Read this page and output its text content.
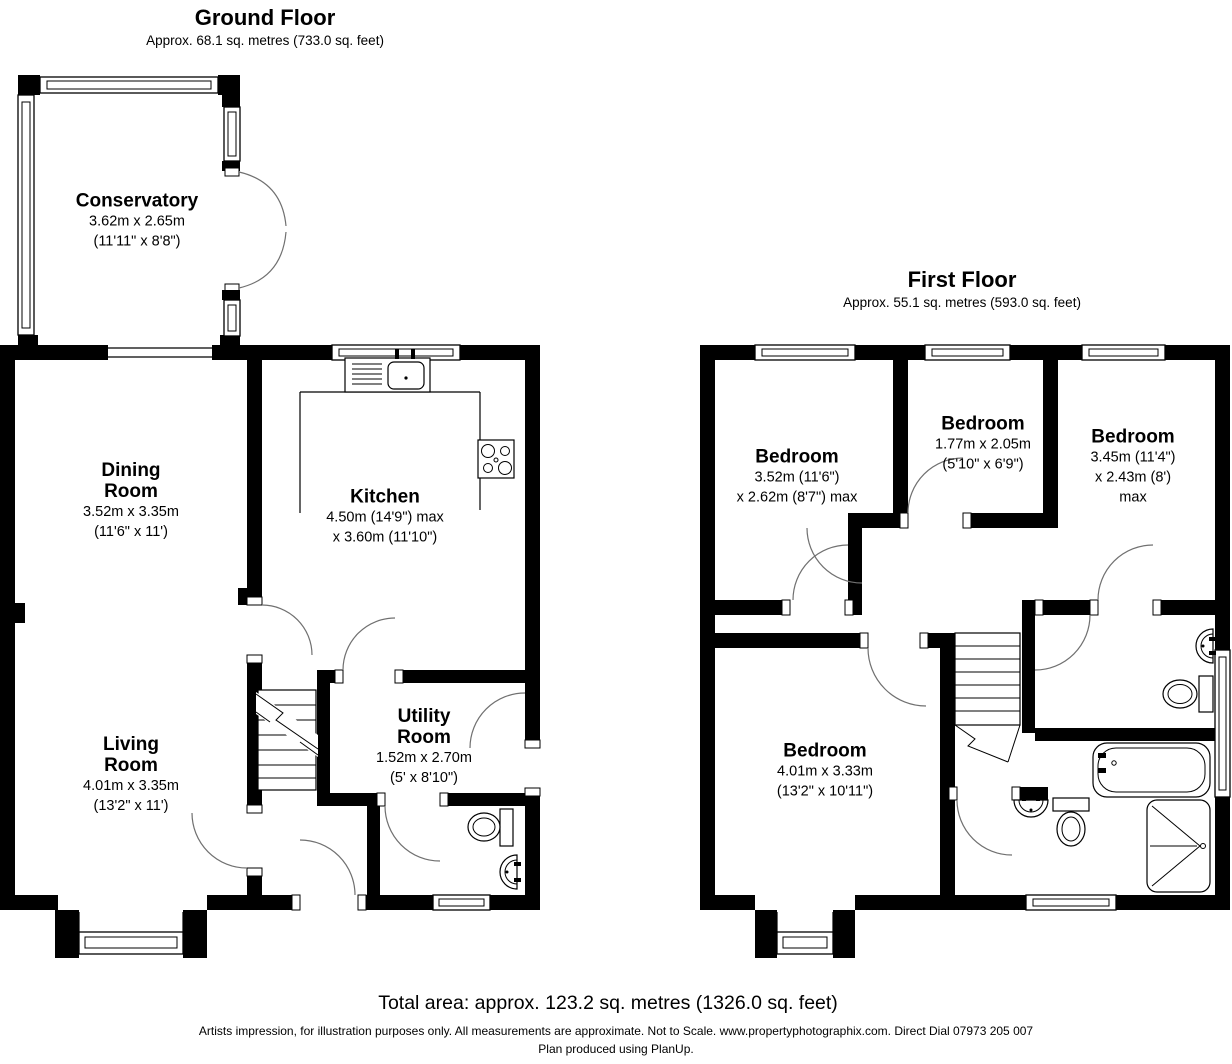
Ground Floor
Approx. 68.1 sq. metres (733.0 sq. feet)
First Floor
Approx. 55.1 sq. metres (593.0 sq. feet)
Conservatory
3.62m x 2.65m
(11'11" x 8'8")
Dining Room
3.52m x 3.35m
(11'6" x 11')
Kitchen
4.50m (14'9") max
x 3.60m (11'10")
Living Room
4.01m x 3.35m
(13'2" x 11')
Utility Room
1.52m x 2.70m
(5' x 8'10")
Bedroom
3.52m (11'6")
x 2.62m (8'7") max
Bedroom
1.77m x 2.05m
(5'10" x 6'9")
Bedroom
3.45m (11'4")
x 2.43m (8') max
Bedroom
4.01m x 3.33m
(13'2" x 10'11")
Total area: approx. 123.2 sq. metres (1326.0 sq. feet)
Artists impression, for illustration purposes only. All measurements are approximate. Not to Scale. www.propertyphotographix.com. Direct Dial 07973 205 007
Plan produced using PlanUp.
